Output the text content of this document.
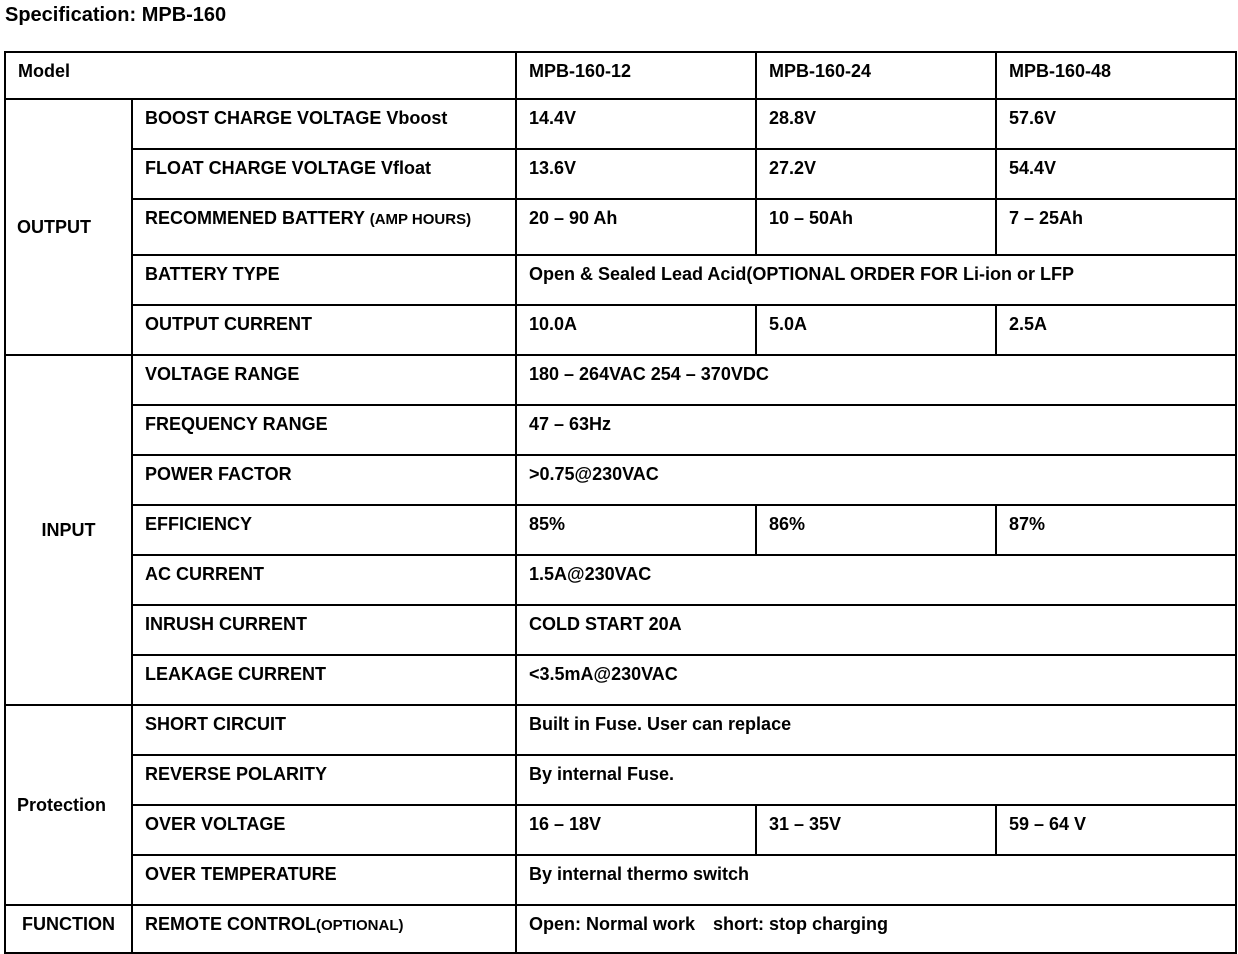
Specification: MPB-160
Model		MPB-160-12	MPB-160-24	MPB-160-48
OUTPUT	BOOST CHARGE VOLTAGE Vboost	14.4V	28.8V	57.6V
	FLOAT CHARGE VOLTAGE Vfloat	13.6V	27.2V	54.4V
	RECOMMENED BATTERY (AMP HOURS)	20 – 90 Ah	10 – 50Ah	7 – 25Ah
	BATTERY TYPE	Open & Sealed Lead Acid(OPTIONAL ORDER FOR Li-ion or LFP		
	OUTPUT CURRENT	10.0A	5.0A	2.5A
INPUT	VOLTAGE RANGE	180 – 264VAC 254 – 370VDC		
	FREQUENCY RANGE	47 – 63Hz		
	POWER FACTOR	>0.75@230VAC		
	EFFICIENCY	85%	86%	87%
	AC CURRENT	1.5A@230VAC		
	INRUSH CURRENT	COLD START 20A		
	LEAKAGE CURRENT	<3.5mA@230VAC		
Protection	SHORT CIRCUIT	Built in Fuse. User can replace		
	REVERSE POLARITY	By internal Fuse.		
	OVER VOLTAGE	16 – 18V	31 – 35V	59 – 64 V
	OVER TEMPERATURE	By internal thermo switch		
FUNCTION	REMOTE CONTROL(OPTIONAL)	Open: Normal work short: stop charging		
